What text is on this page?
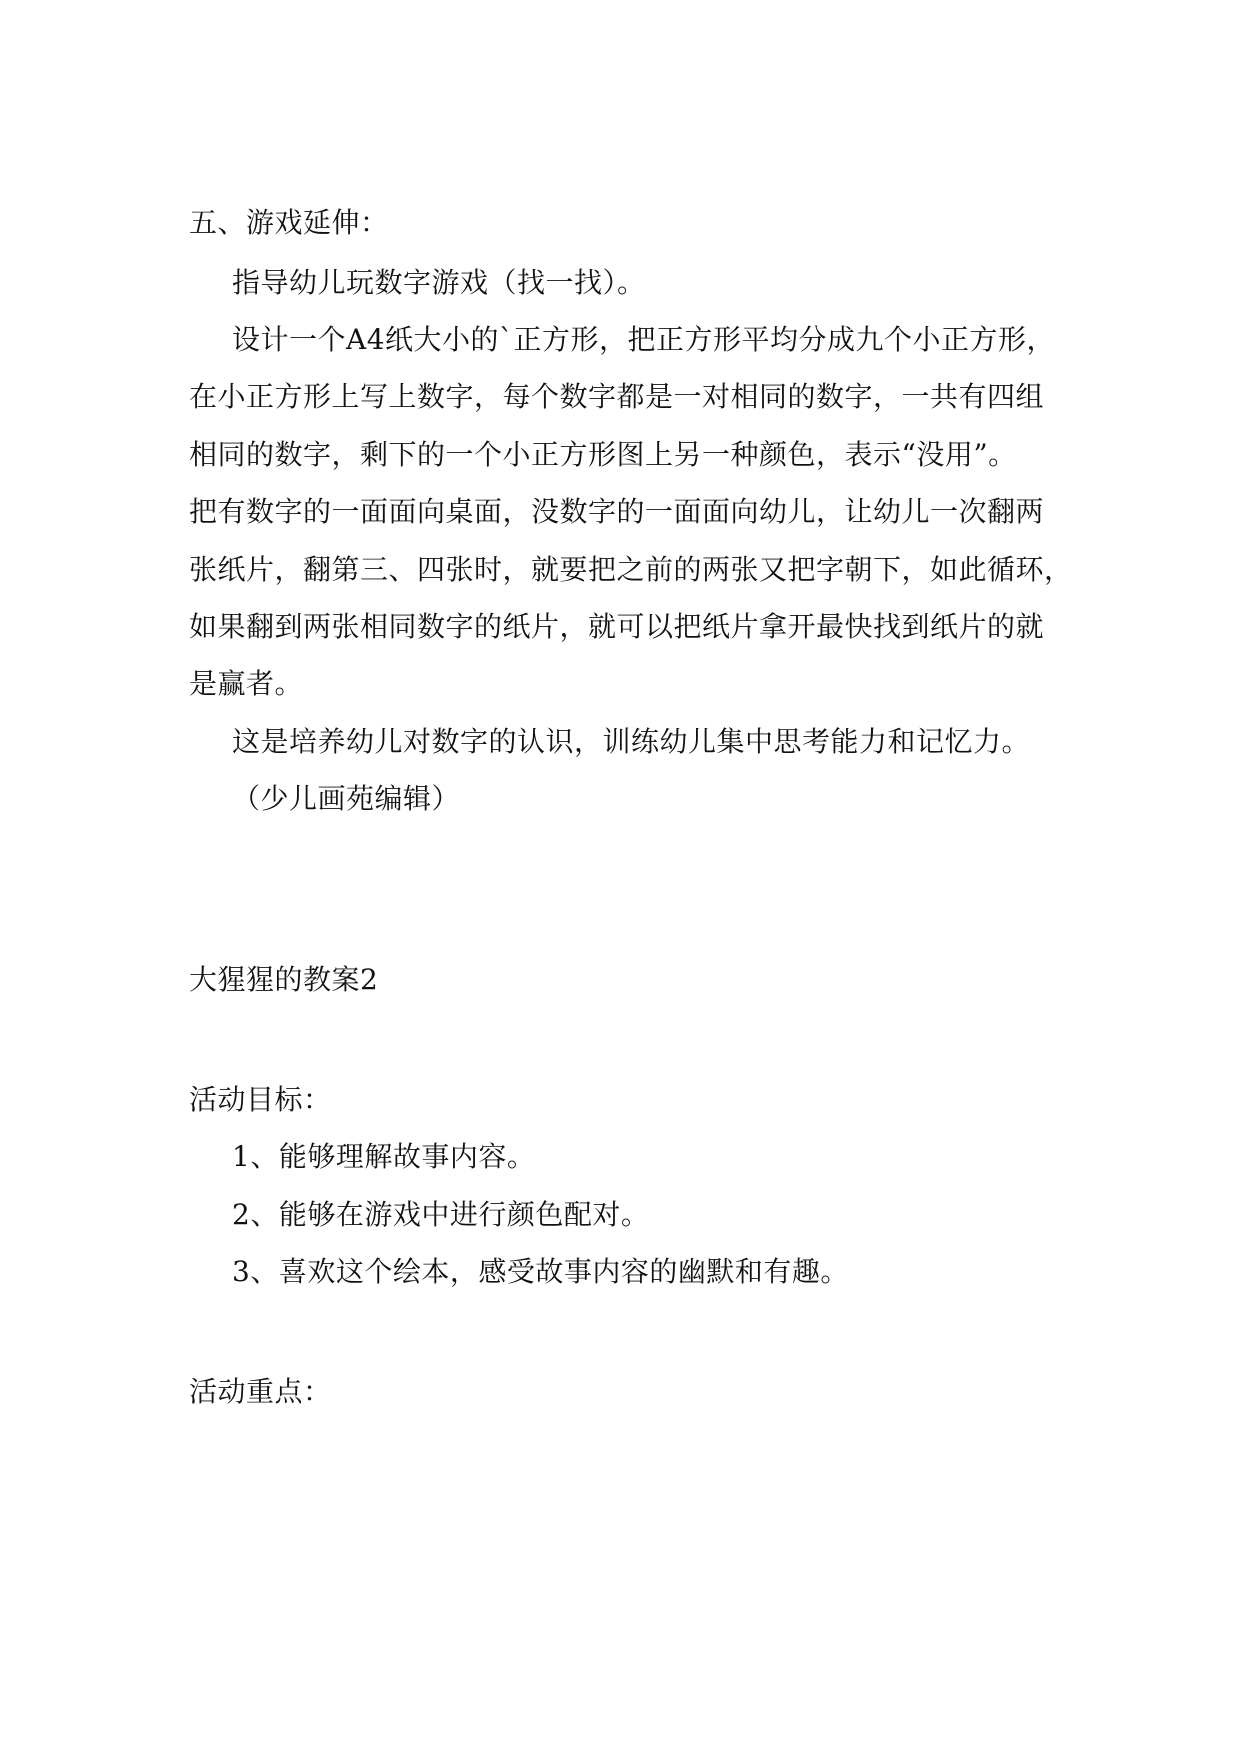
五、游戏延伸：
指导幼儿玩数字游戏（找一找）。
设计一个A4纸大小的`正方形，把正方形平均分成九个小正方形，
在小正方形上写上数字，每个数字都是一对相同的数字，一共有四组
相同的数字，剩下的一个小正方形图上另一种颜色，表示“没用”。
把有数字的一面面向桌面，没数字的一面面向幼儿，让幼儿一次翻两
张纸片，翻第三、四张时，就要把之前的两张又把字朝下，如此循环，
如果翻到两张相同数字的纸片，就可以把纸片拿开最快找到纸片的就
是赢者。
这是培养幼儿对数字的认识，训练幼儿集中思考能力和记忆力。
（少儿画苑编辑）
大猩猩的教案2
活动目标：
1、能够理解故事内容。
2、能够在游戏中进行颜色配对。
3、喜欢这个绘本，感受故事内容的幽默和有趣。
活动重点：
